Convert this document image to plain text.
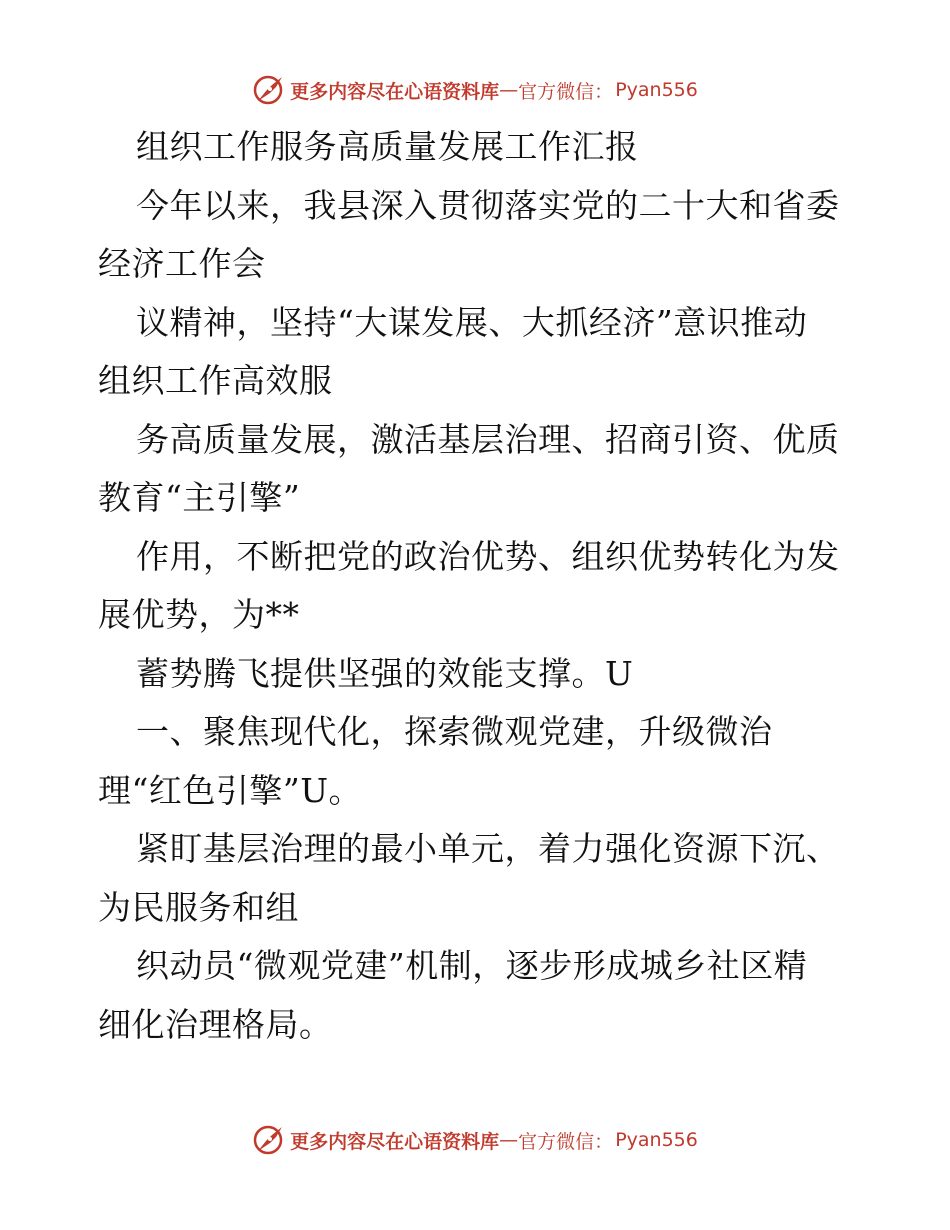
更多内容尽在心语资料库 — 官方微信： Pyan556
组织工作服务高质量发展工作汇报
今年以来，我县深入贯彻落实党的二十大和省委
经济工作会
议精神，坚持“大谋发展、大抓经济”意识推动
组织工作高效服
务高质量发展，激活基层治理、招商引资、优质
教育“主引擎”
作用，不断把党的政治优势、组织优势转化为发
展优势，为**
蓄势腾飞提供坚强的效能支撑。U
一、聚焦现代化，探索微观党建，升级微治
理“红色引擎”U。
紧盯基层治理的最小单元，着力强化资源下沉、
为民服务和组
织动员“微观党建”机制，逐步形成城乡社区精
细化治理格局。
更多内容尽在心语资料库 — 官方微信： Pyan556
